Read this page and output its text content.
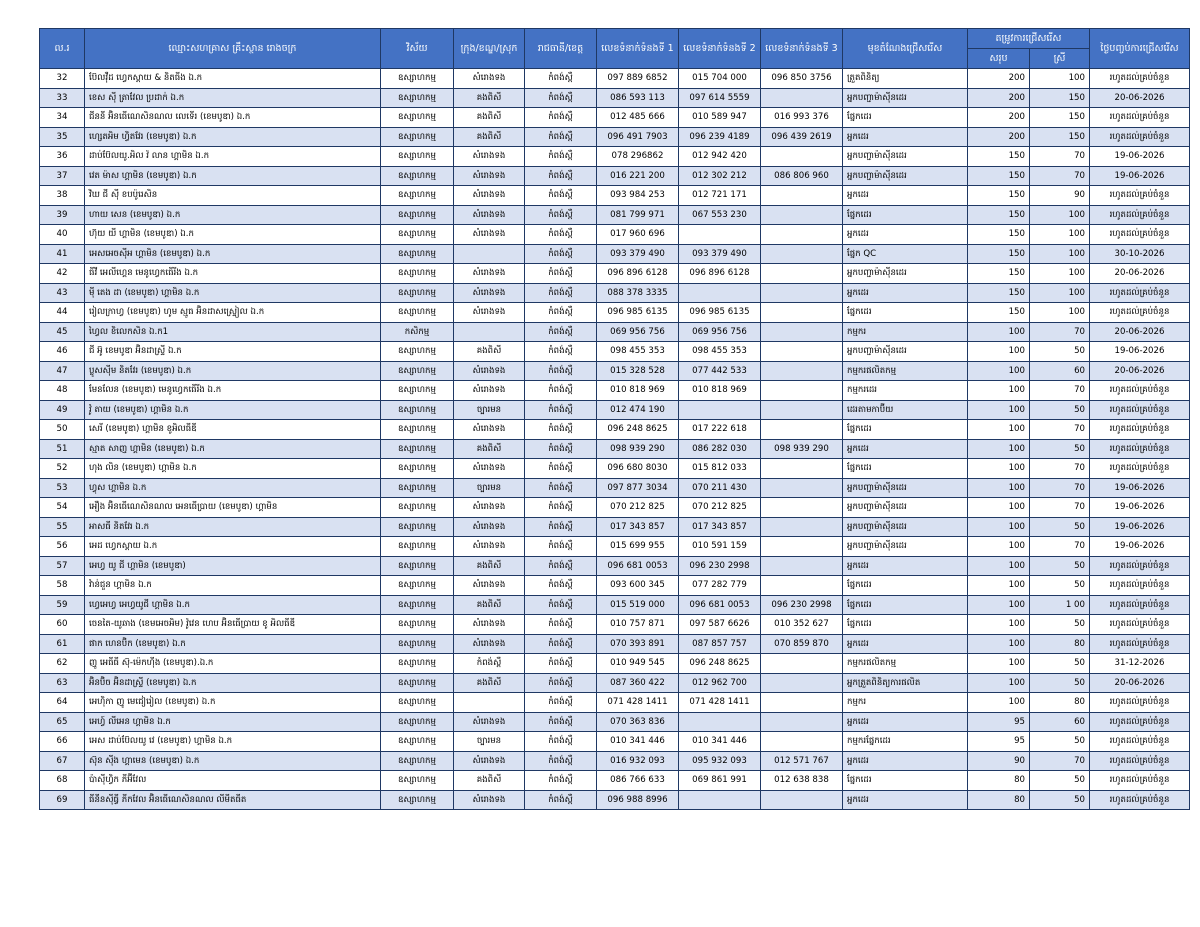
ល.រ	ឈ្មោះសហគ្រាស គ្រឹះស្ថាន រោងចក្រ	វិស័យ	ក្រុង/ខណ្ឌ/ស្រុក	រាជធានី/ខេត្ត	លេខទំនាក់ទំនងទី 1	លេខទំនាក់ទំនងទី 2	លេខទំនាក់ទំនងទី 3	មុខតំណែងជ្រើសរើស	តម្រូវការជ្រើសរើស		ថ្ងៃបញ្ចប់ការជ្រើសរើស
									សរុប	ស្រី	
32	ប៊ែលវ៉ឺដ ហ្វេកស្ដាយ & និតធីង ឯ.ក	ឧស្សាហកម្ម	សំរោងទង	កំពង់ស្ពឺ	097 889 6852	015 704 000	096 850 3756	ត្រួតពិនិត្យ	200	100	រហូតដល់គ្រប់ចំនួន
33	ខេស ស៊ី ត្រាវែល ប្រដាក់ ឯ.ក	ឧស្សាហកម្ម	គងពិសី	កំពង់ស្ពឺ	086 593 113	097 614 5559		អ្នកបញ្ជាម៉ាស៊ីនដេរ	200	150	20-06-2026
34	ជីននី អ៊ិនធើណេសិនណល លេទើរ (ខេមបូឌា) ឯ.ក	ឧស្សាហកម្ម	គងពិសី	កំពង់ស្ពឺ	012 485 666	010 589 947	016 993 376	ផ្នែកដេរ	200	150	រហូតដល់គ្រប់ចំនួន
35	ហ្សេតអិម ហ្វិតវែរ (ខេមបូឌា) ឯ.ក	ឧស្សាហកម្ម	គងពិសី	កំពង់ស្ពឺ	096 491 7903	096 239 4189	096 439 2619	អ្នកដេរ	200	150	រហូតដល់គ្រប់ចំនួន
36	ដាប់ប៊ែលយូ.អិល វ៉ លាន ហ្គាមិន ឯ.ក	ឧស្សាហកម្ម	សំរោងទង	កំពង់ស្ពឺ	078 296862	012 942 420		អ្នកបញ្ជាម៉ាស៊ីនដេរ	150	70	19-06-2026
37	វេត ម៉ាស ហ្គាមិន (ខេមបូឌា) ឯ.ក	ឧស្សាហកម្ម	សំរោងទង	កំពង់ស្ពឺ	016 221 200	012 302 212	086 806 960	អ្នកបញ្ជាម៉ាស៊ីនដេរ	150	70	19-06-2026
38	វិឃ ជី ស៊ី ខបប៉ូរេសិន	ឧស្សាហកម្ម	សំរោងទង	កំពង់ស្ពឺ	093 984 253	012 721 171		អ្នកដេរ	150	90	រហូតដល់គ្រប់ចំនួន
39	ហាយ សេន (ខេមបូឌា) ឯ.ក	ឧស្សាហកម្ម	សំរោងទង	កំពង់ស្ពឺ	081 799 971	067 553 230		ផ្នែកដេរ	150	100	រហូតដល់គ្រប់ចំនួន
40	ហ៊ុយ យី ហ្គាមិន (ខេមបូឌា) ឯ.ក	ឧស្សាហកម្ម	សំរោងទង	កំពង់ស្ពឺ	017 960 696			អ្នកដេរ	150	100	រហូតដល់គ្រប់ចំនួន
41	អេសអេចស៊ីអ ហ្គាមិន (ខេមបូឌា) ឯ.ក	ឧស្សាហកម្ម		កំពង់ស្ពឺ	093 379 490	093 379 490		ផ្នែក QC	150	100	30-10-2026
42	ធីវី អេលីហ្គេន មេនូហ្វេកធើរីង ឯ.ក	ឧស្សាហកម្ម	សំរោងទង	កំពង់ស្ពឺ	096 896 6128	096 896 6128		អ្នកបញ្ជាម៉ាស៊ីនដេរ	150	100	20-06-2026
43	ម៉ី តេង ដា (ខេមបូឌា) ហ្គាមិន ឯ.ក	ឧស្សាហកម្ម	សំរោងទង	កំពង់ស្ពឺ	088 378 3335			អ្នកដេរ	150	100	រហូតដល់គ្រប់ចំនួន
44	រៀលក្រាហ្វ (ខេមបូឌា) ហូម ស្មូធ អ៊ិនដាសស្ទ្រៀល ឯ.ក	ឧស្សាហកម្ម	សំរោងទង	កំពង់ស្ពឺ	096 985 6135	096 985 6135		ផ្នែកដេរ	150	100	រហូតដល់គ្រប់ចំនួន
45	ហ្វៃល ខិលេកសិន ឯ.ក1	កសិកម្ម		កំពង់ស្ពឺ	069 956 756	069 956 756		កម្មករ	100	70	20-06-2026
46	ជី អ៊ូ ខេមបូឌា អ៊ិនដាស្ទ្រី ឯ.ក	ឧស្សាហកម្ម	គងពិសី	កំពង់ស្ពឺ	098 455 353	098 455 353		អ្នកបញ្ជាម៉ាស៊ីនដេរ	100	50	19-06-2026
47	ប្លូសស៊ីម និតវែរ (ខេមបូឌា) ឯ.ក	ឧស្សាហកម្ម	សំរោងទង	កំពង់ស្ពឺ	015 328 528	077 442 533		កម្មករផលិតកម្ម	100	60	20-06-2026
48	មែនលែន (ខេមបូឌា) មេនូហ្វេកធើរីង ឯ.ក	ឧស្សាហកម្ម	សំរោងទង	កំពង់ស្ពឺ	010 818 969	010 818 969		កម្មករដេរ	100	70	រហូតដល់គ្រប់ចំនួន
49	វ៉ូ តាយ (ខេមបូឌា) ហ្គាមិន ឯ.ក	ឧស្សាហកម្ម	ច្បារមន	កំពង់ស្ពឺ	012 474 190			ដេរតាមកាប៊ីយ	100	50	រហូតដល់គ្រប់ចំនួន
50	សេរី (ខេមបូឌា) ហ្គាមិន ខូអិលធីឌី	ឧស្សាហកម្ម	សំរោងទង	កំពង់ស្ពឺ	096 248 8625	017 222 618		ផ្នែកដេរ	100	70	រហូតដល់គ្រប់ចំនួន
51	ស្មាត សាញ ហ្គាមិន (ខេមបូឌា) ឯ.ក	ឧស្សាហកម្ម	គងពិសី	កំពង់ស្ពឺ	098 939 290	086 282 030	098 939 290	អ្នកដេរ	100	50	រហូតដល់គ្រប់ចំនួន
52	ហុង លិន (ខេមបូឌា) ហ្គាមិន ឯ.ក	ឧស្សាហកម្ម	សំរោងទង	កំពង់ស្ពឺ	096 680 8030	015 812 033		ផ្នែកដេរ	100	70	រហូតដល់គ្រប់ចំនួន
53	ហ្វុស ហ្គាមិន ឯ.ក	ឧស្សាហកម្ម	ច្បារមន	កំពង់ស្ពឺ	097 877 3034	070 211 430		អ្នកបញ្ជាម៉ាស៊ីនដេរ	100	70	19-06-2026
54	អឿង អ៊ិនធើណេសិនណល អេនធើប្រាយ (ខេមបូឌា) ហ្គាមិន	ឧស្សាហកម្ម	សំរោងទង	កំពង់ស្ពឺ	070 212 825	070 212 825		អ្នកបញ្ជាម៉ាស៊ីនដេរ	100	70	19-06-2026
55	អាសធី និតវែរ ឯ.ក	ឧស្សាហកម្ម	សំរោងទង	កំពង់ស្ពឺ	017 343 857	017 343 857		អ្នកបញ្ជាម៉ាស៊ីនដេរ	100	50	19-06-2026
56	អេដ ហ្វេកស្ដាយ ឯ.ក	ឧស្សាហកម្ម	សំរោងទង	កំពង់ស្ពឺ	015 699 955	010 591 159		អ្នកបញ្ជាម៉ាស៊ីនដេរ	100	70	19-06-2026
57	អេហ្វ យូ ជី ហ្គាមិន (ខេមបូឌា)	ឧស្សាហកម្ម	គងពិសី	កំពង់ស្ពឺ	096 681 0053	096 230 2998		អ្នកដេរ	100	50	រហូតដល់គ្រប់ចំនួន
58	វ៉ាន់ជួន ហ្គាមិន ឯ.ក	ឧស្សាហកម្ម	សំរោងទង	កំពង់ស្ពឺ	093 600 345	077 282 779		ផ្នែកដេរ	100	50	រហូតដល់គ្រប់ចំនួន
59	ហ្វេអេហ្វ អេហ្វយូជី ហ្គាមិន ឯ.ក	ឧស្សាហកម្ម	គងពិសី	កំពង់ស្ពឺ	015 519 000	096 681 0053	096 230 2998	ផ្នែកដេរ	100	1 00	រហូតដល់គ្រប់ចំនួន
60	ចេនតៃ-យូឆាង (ខេមអេចអិម) វ៉ូវេន ហេប អ៊ិនធើប្រាយ ខូ អិលធីឌី	ឧស្សាហកម្ម	សំរោងទង	កំពង់ស្ពឺ	010 757 871	097 587 6626	010 352 627	ផ្នែកដេរ	100	50	រហូតដល់គ្រប់ចំនួន
61	ផាក ហេនប៊ិក (ខេមបូឌា) ឯ.ក	ឧស្សាហកម្ម	សំរោងទង	កំពង់ស្ពឺ	070 393 891	087 857 757	070 859 870	អ្នកដេរ	100	80	រហូតដល់គ្រប់ចំនួន
62	ញូ អេធីធី ស៊ុ-ម៉េកហ៊ីង (ខេមបូឌា).ឯ.ក	ឧស្សាហកម្ម	កំពង់ស្ពឺ	កំពង់ស្ពឺ	010 949 545	096 248 8625		កម្មករផលិតកម្ម	100	50	31-12-2026
63	អ៊ិនប៊ិច អ៊ិនដាស្ទ្រី (ខេមបូឌា) ឯ.ក	ឧស្សាហកម្ម	គងពិសី	កំពង់ស្ពឺ	087 360 422	012 962 700		អ្នកត្រួតពិនិត្យការផលិត	100	50	20-06-2026
64	អេហ៊ិកា ញូ មេជៀរៀល (ខេមបូឌា) ឯ.ក	ឧស្សាហកម្ម		កំពង់ស្ពឺ	071 428 1411	071 428 1411		កម្មករ	100	80	រហូតដល់គ្រប់ចំនួន
65	អេហ្វ៍ លីអេន ហ្គាមិន ឯ.ក	ឧស្សាហកម្ម	សំរោងទង	កំពង់ស្ពឺ	070 363 836			អ្នកដេរ	95	60	រហូតដល់គ្រប់ចំនួន
66	អេស ដាប់ប៊ែលយូ វេ (ខេមបូឌា) ហ្គាមិន ឯ.ក	ឧស្សាហកម្ម	ច្បារមន	កំពង់ស្ពឺ	010 341 446	010 341 446		កម្មករផ្នែកដេរ	95	50	រហូតដល់គ្រប់ចំនួន
67	ស៊ុន ស៊ីង ហ្គាមេន (ខេមបូឌា) ឯ.ក	ឧស្សាហកម្ម	សំរោងទង	កំពង់ស្ពឺ	016 932 093	095 932 093	012 571 767	អ្នកដេរ	90	70	រហូតដល់គ្រប់ចំនួន
68	ប៉ាស៊ីហ្វិក ភីអ៊ីវែល	ឧស្សាហកម្ម	គងពិសី	កំពង់ស្ពឺ	086 766 633	069 861 991	012 638 838	ផ្នែកដេរ	80	50	រហូតដល់គ្រប់ចំនួន
69	ធីនីនស៊ីធ្វី ភីកវែល អ៊ិនធើណេសិនណល លីមីតធីត	ឧស្សាហកម្ម	សំរោងទង	កំពង់ស្ពឺ	096 988 8996			អ្នកដេរ	80	50	រហូតដល់គ្រប់ចំនួន
